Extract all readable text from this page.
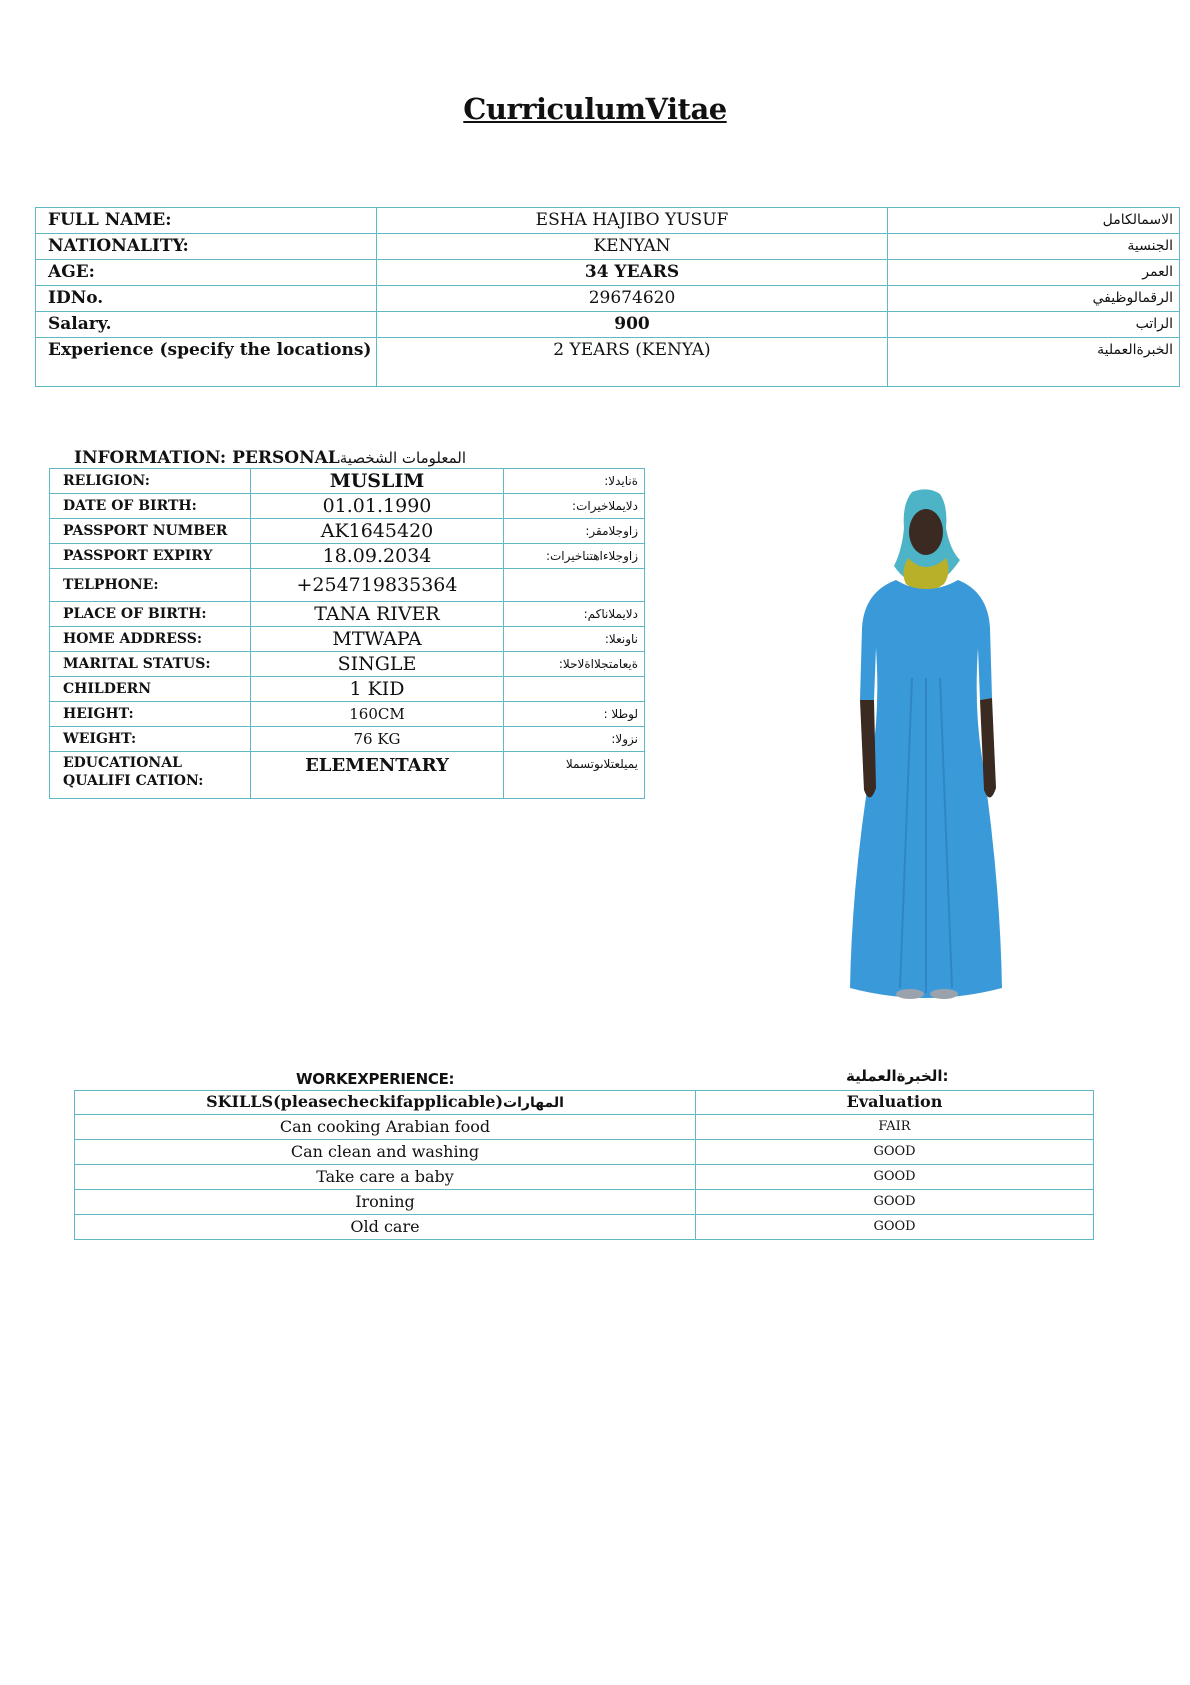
CurriculumVitae
FULL NAME:	ESHA HAJIBO YUSUF	الاسمالكامل
NATIONALITY:	KENYAN	الجنسية
AGE:	34 YEARS	العمر
IDNo.	29674620	الرقمالوظيفي
Salary.	900	الراتب
Experience (specify the locations)	2 YEARS (KENYA)	الخبرةالعملية
INFORMATION: PERSONALالمعلومات الشخصية
RELIGION:	MUSLIM	:ةنايدلا
DATE OF BIRTH:	01.01.1990	:دلايملاخيرات
PASSPORT NUMBER	AK1645420	:زاوجلامقر
PASSPORT EXPIRY	18.09.2034	:زاوجلاءاهتناخيرات
TELPHONE:	+254719835364	
PLACE OF BIRTH:	TANA RIVER	:دلايملاناكم
HOME ADDRESS:	MTWAPA	:ناونعلا
MARITAL STATUS:	SINGLE	:ةيعامتجلااةلاحلا
CHILDERN	1 KID	
HEIGHT:	160CM	: لوطلا
WEIGHT:	76 KG	:نزولا
EDUCATIONAL QUALIFI CATION:	ELEMENTARY	يميلعتلاىوتسملا
WORKEXPERIENCE:	الخبرةالعملية:
SKILLS(pleasecheckifapplicable)المهارات	Evaluation
Can cooking Arabian food	FAIR
Can clean and washing	GOOD
Take care a baby	GOOD
Ironing	GOOD
Old care	GOOD
